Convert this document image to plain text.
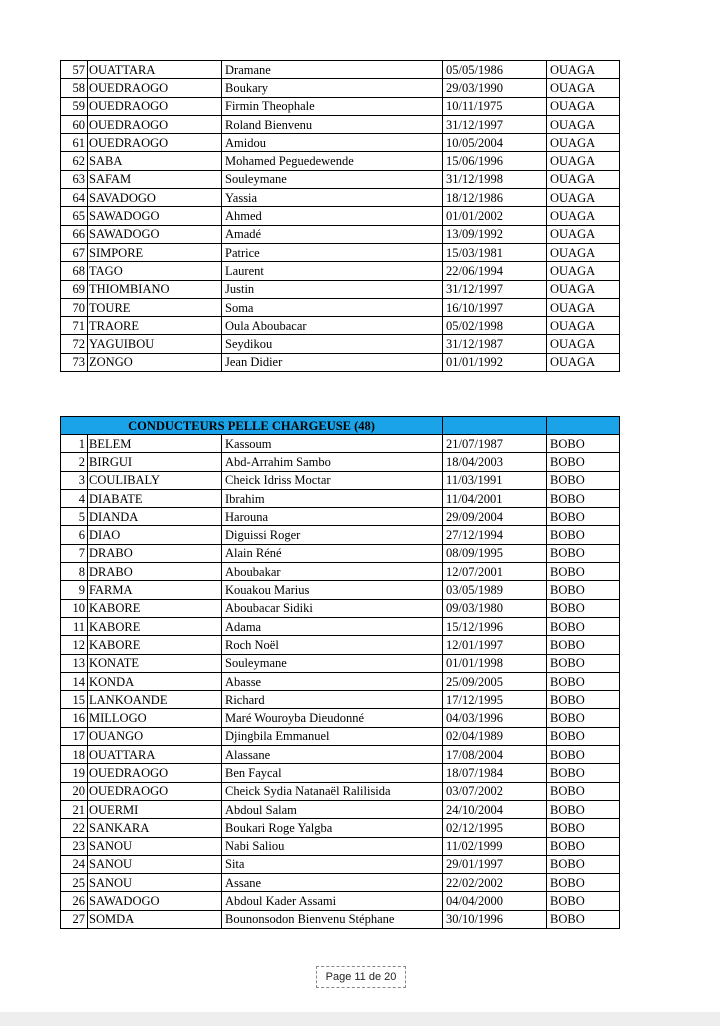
57	OUATTARA	Dramane	05/05/1986	OUAGA
58	OUEDRAOGO	Boukary	29/03/1990	OUAGA
59	OUEDRAOGO	Firmin Theophale	10/11/1975	OUAGA
60	OUEDRAOGO	Roland Bienvenu	31/12/1997	OUAGA
61	OUEDRAOGO	Amidou	10/05/2004	OUAGA
62	SABA	Mohamed Peguedewende	15/06/1996	OUAGA
63	SAFAM	Souleymane	31/12/1998	OUAGA
64	SAVADOGO	Yassia	18/12/1986	OUAGA
65	SAWADOGO	Ahmed	01/01/2002	OUAGA
66	SAWADOGO	Amadé	13/09/1992	OUAGA
67	SIMPORE	Patrice	15/03/1981	OUAGA
68	TAGO	Laurent	22/06/1994	OUAGA
69	THIOMBIANO	Justin	31/12/1997	OUAGA
70	TOURE	Soma	16/10/1997	OUAGA
71	TRAORE	Oula Aboubacar	05/02/1998	OUAGA
72	YAGUIBOU	Seydikou	31/12/1987	OUAGA
73	ZONGO	Jean Didier	01/01/1992	OUAGA
CONDUCTEURS PELLE CHARGEUSE (48)				
1	BELEM	Kassoum	21/07/1987	BOBO
2	BIRGUI	Abd-Arrahim Sambo	18/04/2003	BOBO
3	COULIBALY	Cheick Idriss Moctar	11/03/1991	BOBO
4	DIABATE	Ibrahim	11/04/2001	BOBO
5	DIANDA	Harouna	29/09/2004	BOBO
6	DIAO	Diguissi Roger	27/12/1994	BOBO
7	DRABO	Alain Réné	08/09/1995	BOBO
8	DRABO	Aboubakar	12/07/2001	BOBO
9	FARMA	Kouakou Marius	03/05/1989	BOBO
10	KABORE	Aboubacar Sidiki	09/03/1980	BOBO
11	KABORE	Adama	15/12/1996	BOBO
12	KABORE	Roch Noël	12/01/1997	BOBO
13	KONATE	Souleymane	01/01/1998	BOBO
14	KONDA	Abasse	25/09/2005	BOBO
15	LANKOANDE	Richard	17/12/1995	BOBO
16	MILLOGO	Maré Wouroyba Dieudonné	04/03/1996	BOBO
17	OUANGO	Djingbila Emmanuel	02/04/1989	BOBO
18	OUATTARA	Alassane	17/08/2004	BOBO
19	OUEDRAOGO	Ben Faycal	18/07/1984	BOBO
20	OUEDRAOGO	Cheick Sydia Natanaël Ralilisida	03/07/2002	BOBO
21	OUERMI	Abdoul Salam	24/10/2004	BOBO
22	SANKARA	Boukari Roge Yalgba	02/12/1995	BOBO
23	SANOU	Nabi Saliou	11/02/1999	BOBO
24	SANOU	Sita	29/01/1997	BOBO
25	SANOU	Assane	22/02/2002	BOBO
26	SAWADOGO	Abdoul Kader Assami	04/04/2000	BOBO
27	SOMDA	Bounonsodon Bienvenu Stéphane	30/10/1996	BOBO
Page 11 de 20
